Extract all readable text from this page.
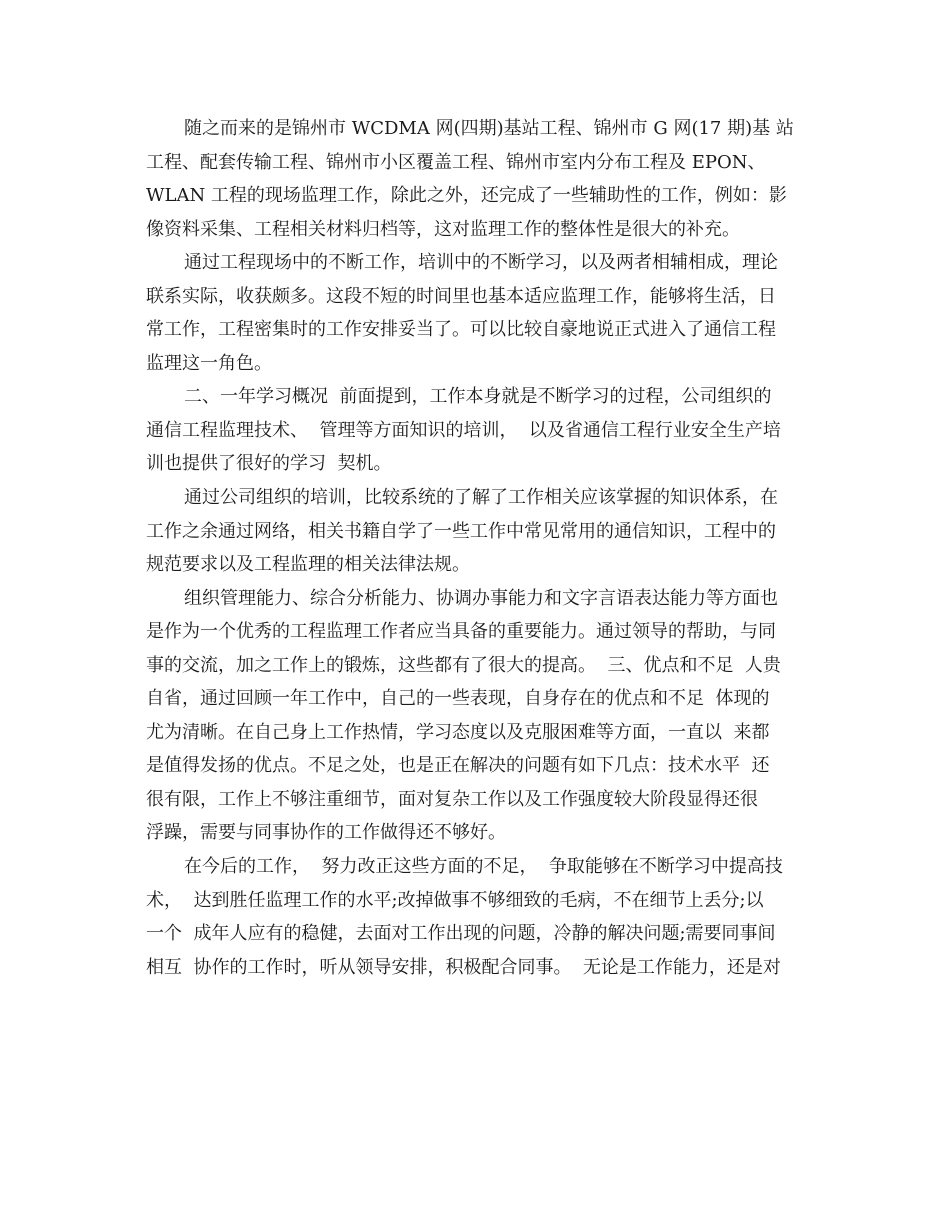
随之而来的是锦州市 WCDMA 网(四期)基站工程、锦州市 G 网(17 期)基 站
工程、配套传输工程、锦州市小区覆盖工程、锦州市室内分布工程及 EPON、
WLAN 工程的现场监理工作，除此之外，还完成了一些辅助性的工作，例如：影
像资料采集、工程相关材料归档等，这对监理工作的整体性是很大的补充。
通过工程现场中的不断工作，培训中的不断学习，以及两者相辅相成，理论
联系实际，收获颇多。这段不短的时间里也基本适应监理工作，能够将生活，日
常工作，工程密集时的工作安排妥当了。可以比较自豪地说正式进入了通信工程
监理这一角色。
二、一年学习概况  前面提到，工作本身就是不断学习的过程，公司组织的
通信工程监理技术、  管理等方面知识的培训，  以及省通信工程行业安全生产培
训也提供了很好的学习  契机。
通过公司组织的培训，比较系统的了解了工作相关应该掌握的知识体系，在
工作之余通过网络，相关书籍自学了一些工作中常见常用的通信知识，工程中的
规范要求以及工程监理的相关法律法规。
组织管理能力、综合分析能力、协调办事能力和文字言语表达能力等方面也
是作为一个优秀的工程监理工作者应当具备的重要能力。通过领导的帮助，与同
事的交流，加之工作上的锻炼，这些都有了很大的提高。  三、优点和不足  人贵
自省，通过回顾一年工作中，自己的一些表现，自身存在的优点和不足  体现的
尤为清晰。在自己身上工作热情，学习态度以及克服困难等方面，一直以  来都
是值得发扬的优点。不足之处，也是正在解决的问题有如下几点：技术水平  还
很有限，工作上不够注重细节，面对复杂工作以及工作强度较大阶段显得还很
浮躁，需要与同事协作的工作做得还不够好。
在今后的工作，  努力改正这些方面的不足，  争取能够在不断学习中提高技
术，  达到胜任监理工作的水平;改掉做事不够细致的毛病，不在细节上丢分;以
一个  成年人应有的稳健，去面对工作出现的问题，冷静的解决问题;需要同事间
相互  协作的工作时，听从领导安排，积极配合同事。  无论是工作能力，还是对
